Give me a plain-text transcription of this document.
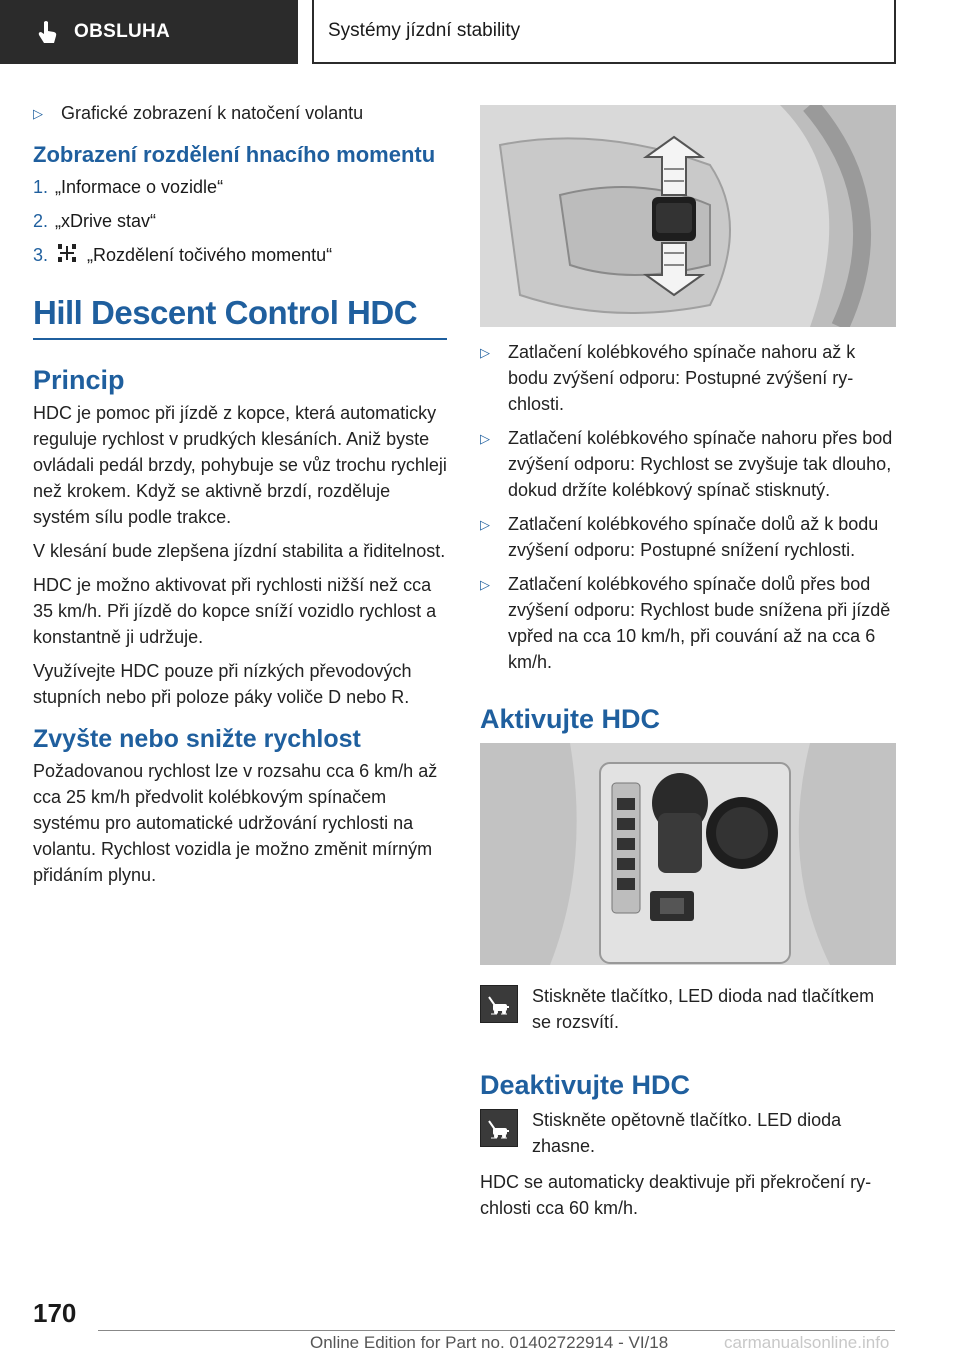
OBSLUHA	Systémy jízdní stability
▷	Grafické zobrazení k natočení volantu
Zobrazení rozdělení hnacího momentu
1. „Informace o vozidle“
2. „xDrive stav“
3.	„Rozdělení točivého momentu“
Hill Descent Control HDC
Princip
HDC je pomoc při jízdě z kopce, která automaticky reguluje rychlost v prudkých klesáních. Aniž byste ovládali pedál brzdy, pohybuje se vůz trochu rychleji než krokem. Když se aktivně brzdí, rozděluje systém sílu podle trakce.
V klesání bude zlepšena jízdní stabilita a řiditelnost.
HDC je možno aktivovat při rychlosti nižší než cca 35 km/h. Při jízdě do kopce sníží vozidlo rychlost a konstantně ji udržuje.
Využívejte HDC pouze při nízkých převodových stupních nebo při poloze páky voliče D nebo R.
Zvyšte nebo snižte rychlost
Požadovanou rychlost lze v rozsahu cca 6 km/h až cca 25 km/h předvolit kolébkovým spínačem systému pro automatické udržování rychlosti na volantu. Rychlost vozidla je možno změnit mírným přidáním plynu.
▷	Zatlačení kolébkového spínače nahoru až k bodu zvýšení odporu: Postupné zvýšení rychlosti.
▷	Zatlačení kolébkového spínače nahoru přes bod zvýšení odporu: Rychlost se zvyšuje tak dlouho, dokud držíte kolébkový spínač stisknutý.
▷	Zatlačení kolébkového spínače dolů až k bodu zvýšení odporu: Postupné snížení rychlosti.
▷	Zatlačení kolébkového spínače dolů přes bod zvýšení odporu: Rychlost bude snížena při jízdě vpřed na cca 10 km/h, při couvání až na cca 6 km/h.
Aktivujte HDC
Stiskněte tlačítko, LED dioda nad tlačítkem se rozsvítí.
Deaktivujte HDC
Stiskněte opětovně tlačítko. LED dioda zhasne.
HDC se automaticky deaktivuje při překročení rychlosti cca 60 km/h.
170
Online Edition for Part no. 01402722914 - VI/18	carmanualsonline.info
